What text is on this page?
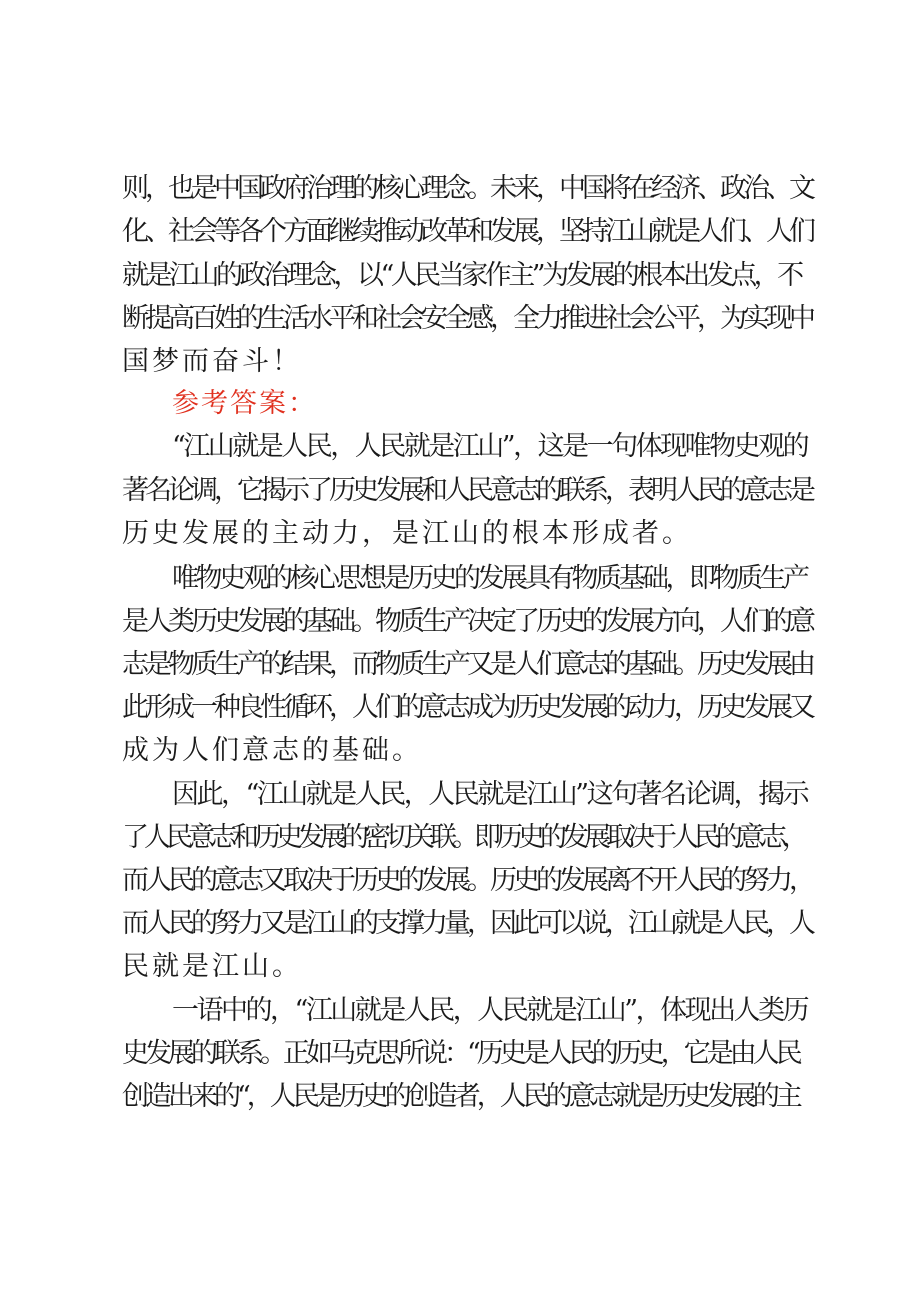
则，也是中国政府治理的核心理念。未来，中国将在经济、政治、文
化、社会等各个方面继续推动改革和发展，坚持江山就是人们、人们
就是江山的政治理念，以“人民当家作主”为发展的根本出发点，不
断提高百姓的生活水平和社会安全感，全力推进社会公平，为实现中
国梦而奋斗！
参考答案：
“江山就是人民，人民就是江山”，这是一句体现唯物史观的
著名论调，它揭示了历史发展和人民意志的联系，表明人民的意志是
历史发展的主动力，是江山的根本形成者。
唯物史观的核心思想是历史的发展具有物质基础，即物质生产
是人类历史发展的基础。物质生产决定了历史的发展方向，人们的意
志是物质生产的结果，而物质生产又是人们意志的基础。历史发展由
此形成一种良性循环，人们的意志成为历史发展的动力，历史发展又
成为人们意志的基础。
因此，“江山就是人民，人民就是江山”这句著名论调，揭示
了人民意志和历史发展的密切关联。即历史的发展取决于人民的意志，
而人民的意志又取决于历史的发展。历史的发展离不开人民的努力，
而人民的努力又是江山的支撑力量，因此可以说，江山就是人民，人
民就是江山。
一语中的，“江山就是人民，人民就是江山”，体现出人类历
史发展的联系。正如马克思所说：“历史是人民的历史，它是由人民
创造出来的“，人民是历史的创造者，人民的意志就是历史发展的主
